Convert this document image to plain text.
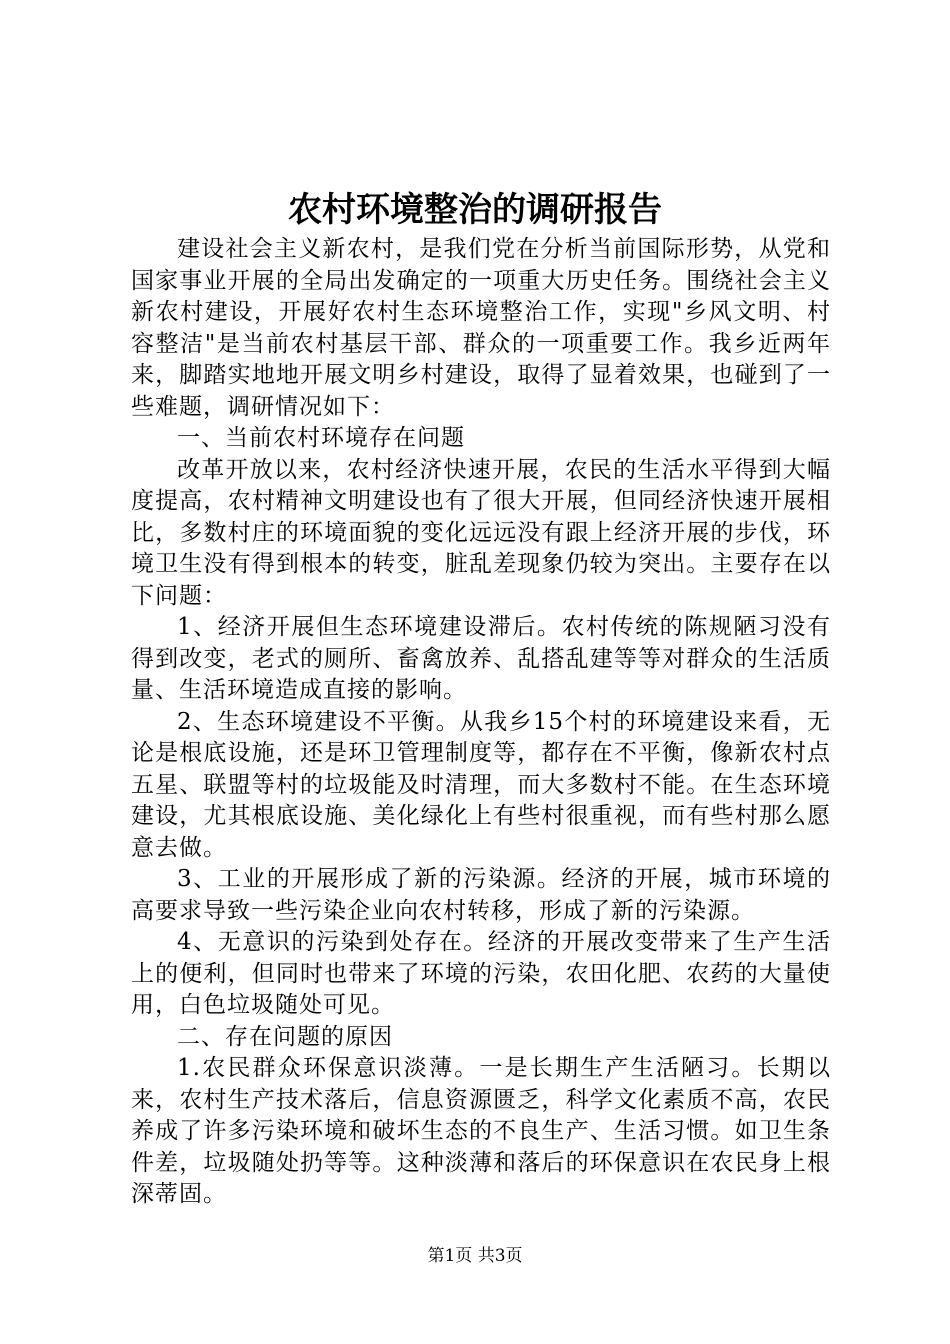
农村环境整治的调研报告

建设社会主义新农村，是我们党在分析当前国际形势，从党和国家事业开展的全局出发确定的一项重大历史任务。围绕社会主义新农村建设，开展好农村生态环境整治工作，实现"乡风文明、村容整洁"是当前农村基层干部、群众的一项重要工作。我乡近两年来，脚踏实地地开展文明乡村建设，取得了显着效果，也碰到了一些难题，调研情况如下：

一、当前农村环境存在问题

改革开放以来，农村经济快速开展，农民的生活水平得到大幅度提高，农村精神文明建设也有了很大开展，但同经济快速开展相比，多数村庄的环境面貌的变化远远没有跟上经济开展的步伐，环境卫生没有得到根本的转变，脏乱差现象仍较为突出。主要存在以下问题：

1、经济开展但生态环境建设滞后。农村传统的陈规陋习没有得到改变，老式的厕所、畜禽放养、乱搭乱建等等对群众的生活质量、生活环境造成直接的影响。

2、生态环境建设不平衡。从我乡15个村的环境建设来看，无论是根底设施，还是环卫管理制度等，都存在不平衡，像新农村点五星、联盟等村的垃圾能及时清理，而大多数村不能。在生态环境建设，尤其根底设施、美化绿化上有些村很重视，而有些村那么愿意去做。

3、工业的开展形成了新的污染源。经济的开展，城市环境的高要求导致一些污染企业向农村转移，形成了新的污染源。

4、无意识的污染到处存在。经济的开展改变带来了生产生活上的便利，但同时也带来了环境的污染，农田化肥、农药的大量使用，白色垃圾随处可见。

二、存在问题的原因

1.农民群众环保意识淡薄。一是长期生产生活陋习。长期以来，农村生产技术落后，信息资源匮乏，科学文化素质不高，农民养成了许多污染环境和破坏生态的不良生产、生活习惯。如卫生条件差，垃圾随处扔等等。这种淡薄和落后的环保意识在农民身上根深蒂固。

第1页 共3页
